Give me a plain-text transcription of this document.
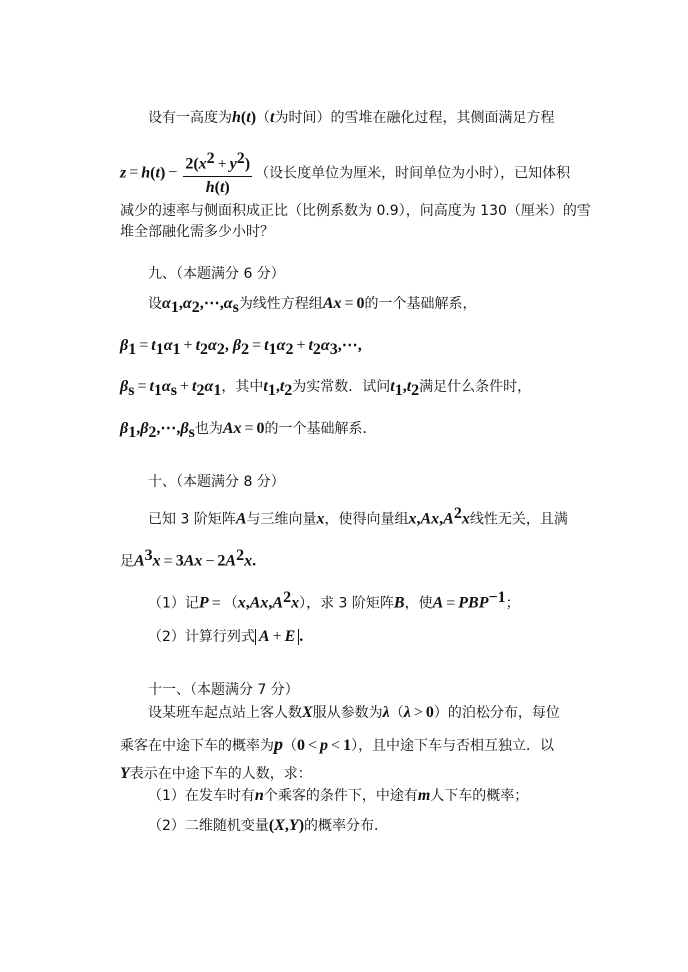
设有一高度为h(t)（t为时间）的雪堆在融化过程，其侧面满足方程
$z = h(t) - \frac{2(x^2 + y^2)}{h(t)}$ （设长度单位为厘米，时间单位为小时），已知体积
减少的速率与侧面积成正比（比例系数为 0.9），问高度为 130（厘米）的雪
堆全部融化需多少小时？
九、（本题满分 6 分）
设$\alpha_1,\alpha_2,\cdots,\alpha_s$为线性方程组Ax = 0的一个基础解系，
$\beta_1 = t_1\alpha_1 + t_2\alpha_2$, $\beta_2 = t_1\alpha_2$ + $t_2\alpha_3,\cdots$,
$\beta_s = t_1\alpha_s + t_2\alpha_1$，其中$t_1,t_2$为实常数．试问$t_1,t_2$满足什么条件时，
$\beta_1,\beta_2,\cdots,\beta_s$也为Ax = 0的一个基础解系．
十、（本题满分 8 分）
已知 3 阶矩阵A与三维向量x，使得向量组$x,Ax,A^2x$线性无关，且满
足$A^3x = 3Ax - 2A^2x$.
（1）记$P = (x,Ax,A^2x)$，求 3 阶矩阵B，使$A = PBP^{-1}$；
（2）计算行列式 A + E .
十一、（本题满分 7 分）
设某班车起点站上客人数X服从参数为λ（λ > 0）的泊松分布，每位
乘客在中途下车的概率为p（0 < p < 1），且中途下车与否相互独立．以
Y表示在中途下车的人数，求：
（1）在发车时有n个乘客的条件下，中途有m人下车的概率；
（2）二维随机变量(X,Y)的概率分布．
